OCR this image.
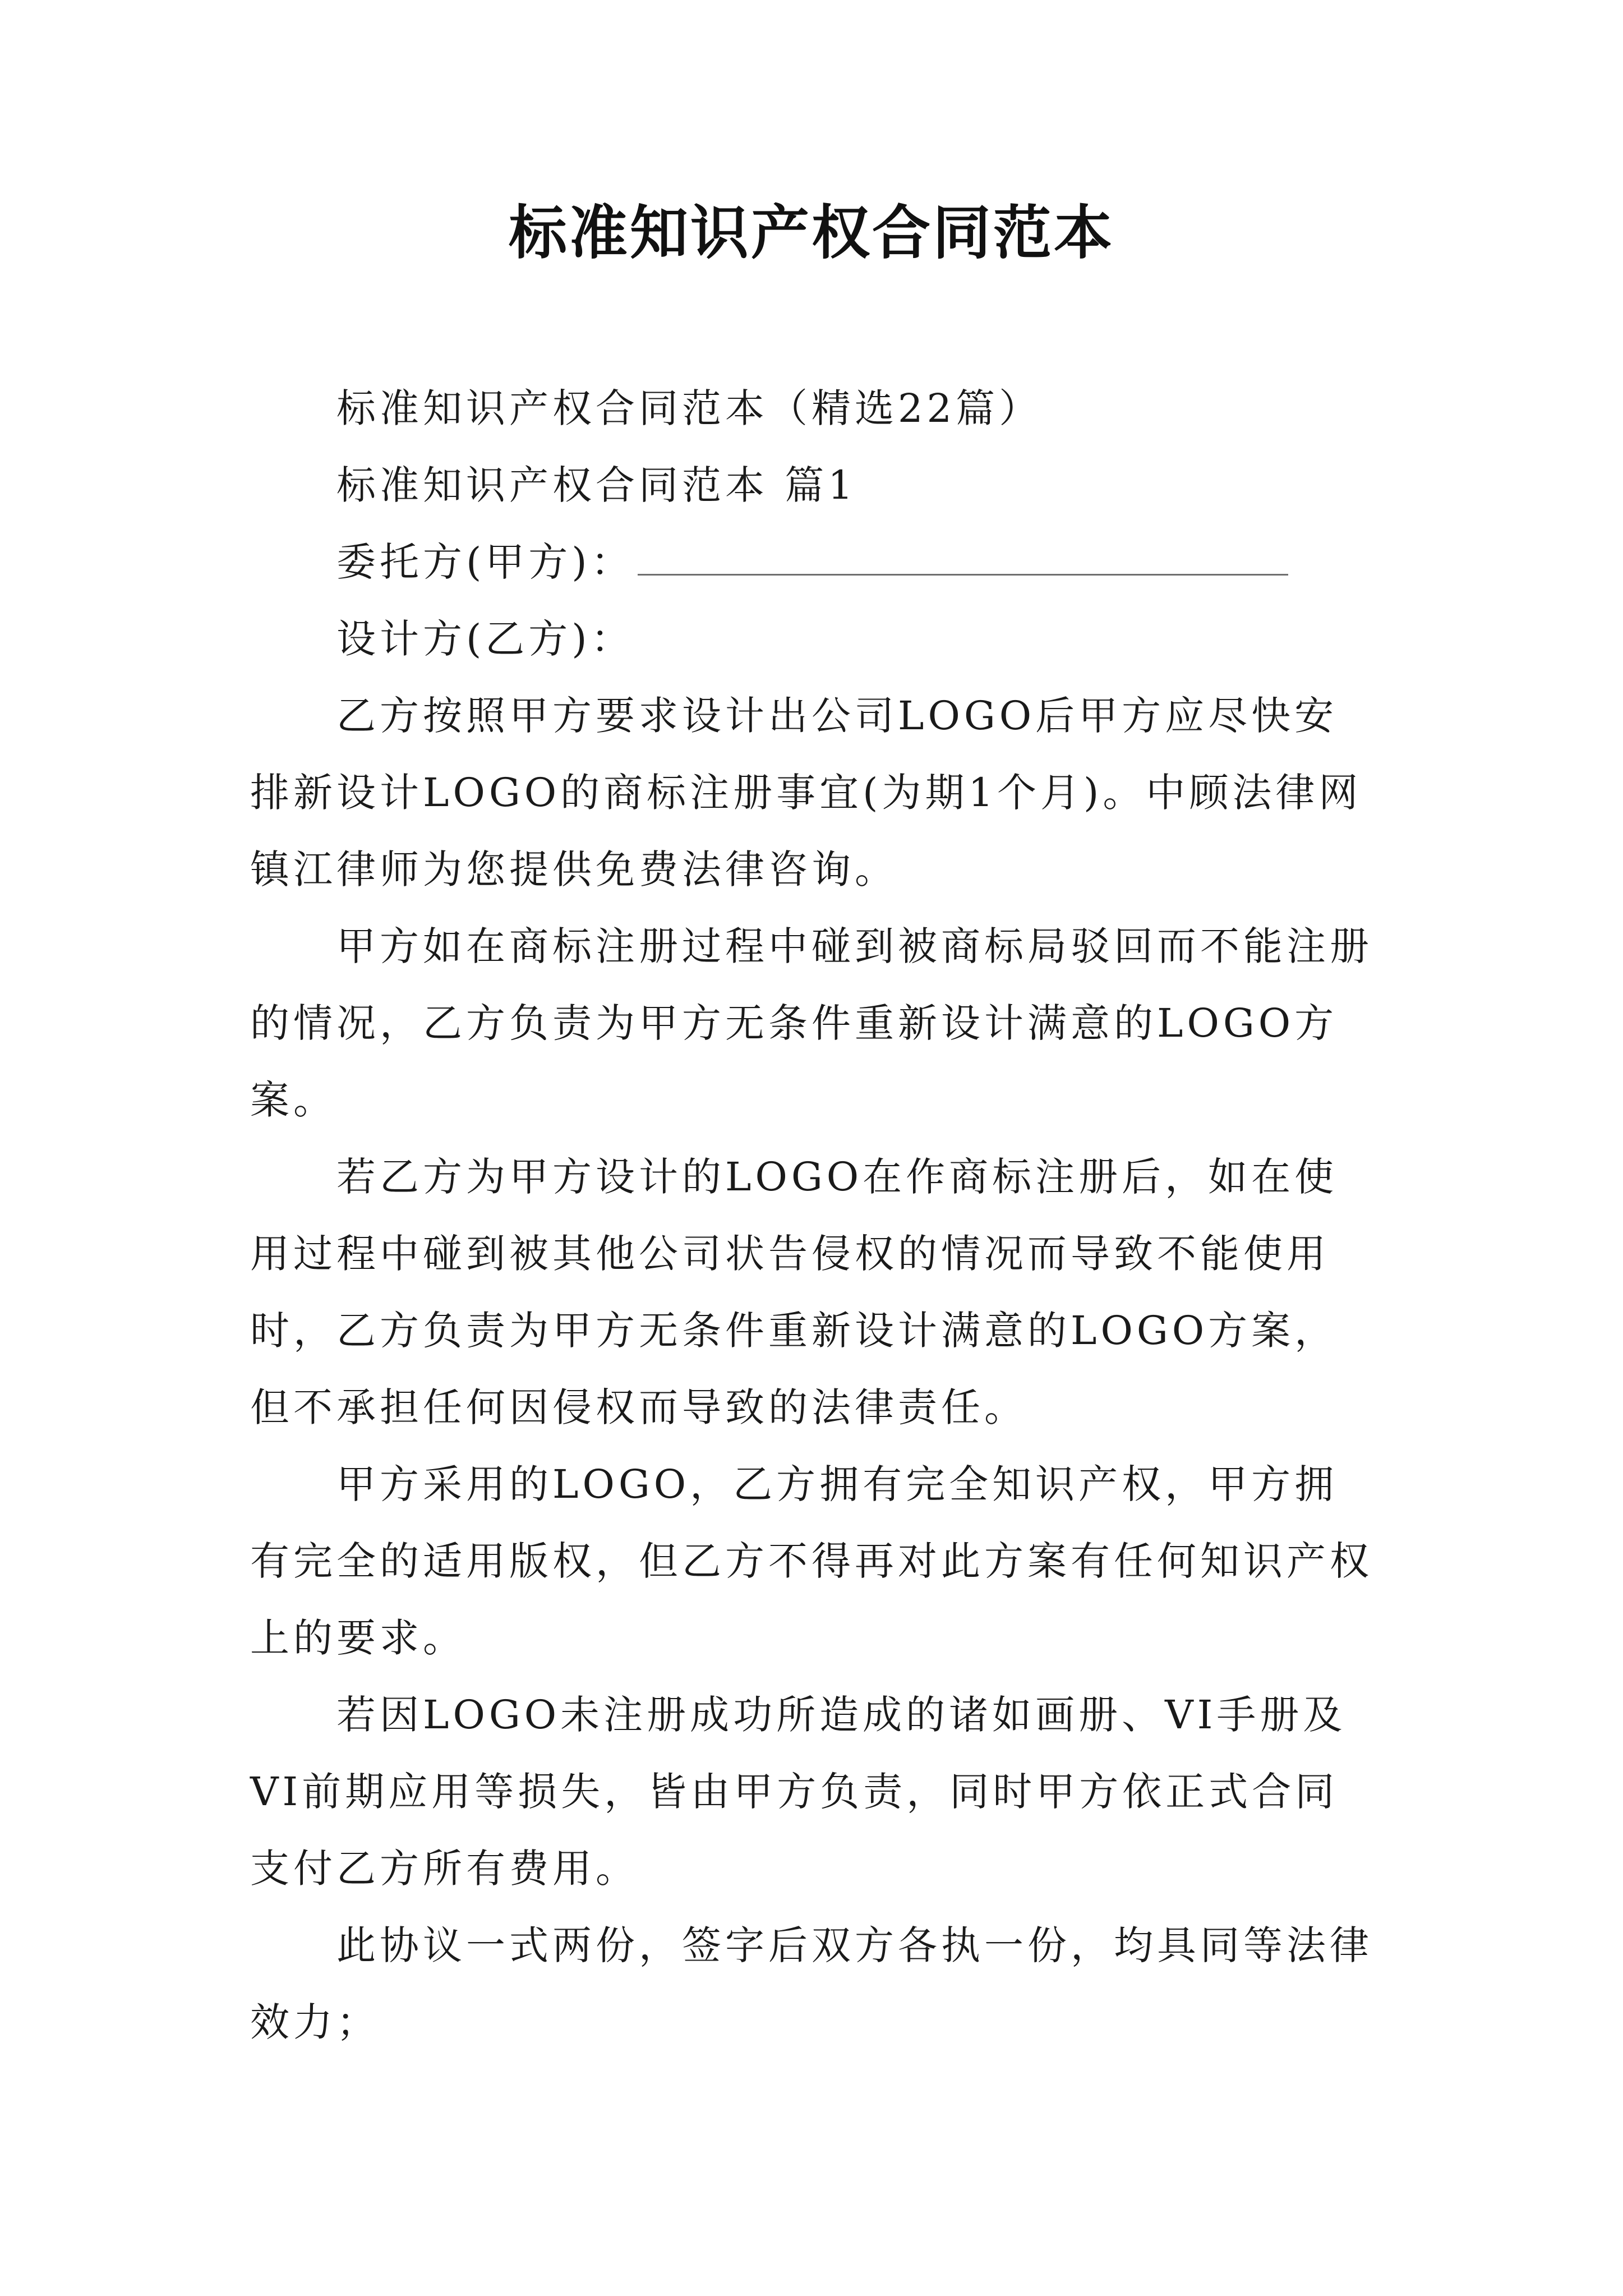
标准知识产权合同范本

标准知识产权合同范本（精选22篇）

标准知识产权合同范本 篇1

委托方(甲方)：

设计方(乙方)：

乙方按照甲方要求设计出公司LOGO后甲方应尽快安排新设计LOGO的商标注册事宜(为期1个月)。中顾法律网镇江律师为您提供免费法律咨询。

甲方如在商标注册过程中碰到被商标局驳回而不能注册的情况，乙方负责为甲方无条件重新设计满意的LOGO方案。

若乙方为甲方设计的LOGO在作商标注册后，如在使用过程中碰到被其他公司状告侵权的情况而导致不能使用时，乙方负责为甲方无条件重新设计满意的LOGO方案，但不承担任何因侵权而导致的法律责任。

甲方采用的LOGO，乙方拥有完全知识产权，甲方拥有完全的适用版权，但乙方不得再对此方案有任何知识产权上的要求。

若因LOGO未注册成功所造成的诸如画册、VI手册及VI前期应用等损失，皆由甲方负责，同时甲方依正式合同支付乙方所有费用。

此协议一式两份，签字后双方各执一份，均具同等法律效力；
